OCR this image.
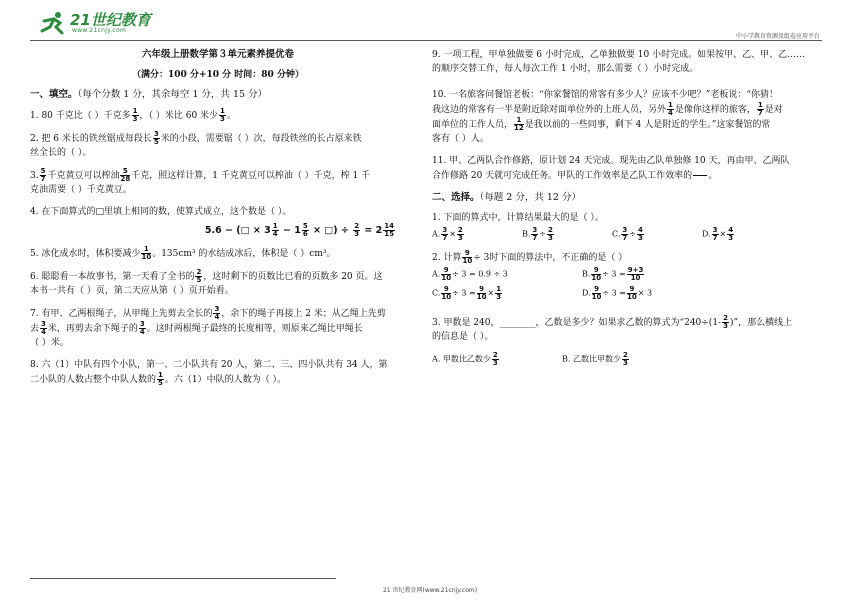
21世纪教育
www.21cnjy.com
中小学教育资源及组卷应用平台

六年级上册数学第３单元素养提优卷

（满分：100 分+10 分 时间：80 分钟）

一、填空。（每个分数 1 分，其余每空 1 分，共 15 分）

1. 80 千克比（ ）千克多 $\frac{1}{3}$ ，（ ）米比 60 米少 $\frac{1}{3}$ 。

2. 把 6 米长的铁丝锯成每段长 $\frac{3}{5}$ 米的小段，需要锯（ ）次，每段铁丝的长占原来铁
丝全长的（ ）。

3. $\frac{5}{7}$ 千克黄豆可以榨油 $\frac{5}{28}$ 千克，照这样计算，1 千克黄豆可以榨油（ ）千克，榨 1 千
克油需要（ ）千克黄豆。

4. 在下面算式的□里填上相同的数，使算式成立，这个数是（ ）。

5.6 − (□ × $3 \frac{1}{4} - 1 \frac{5}{6}$ × □) ÷ $\frac{2}{3} = 2 \frac{14}{15}$

5. 冰化成水时，体积要减少 $\frac{1}{10}$ 。135cm³ 的水结成冰后，体积是（ ）cm³。

6. 聪聪看一本故事书，第一天看了全书的 $\frac{2}{5}$ ，这时剩下的页数比已看的页数多 20 页。这
本书一共有（ ）页，第二天应从第（ ）页开始看。

7. 有甲、乙两根绳子，从甲绳上先剪去全长的 $\frac{3}{4}$ ，余下的绳子再接上 2 米；从乙绳上先剪
去 $\frac{3}{4}$ 米，再剪去余下绳子的 $\frac{3}{4}$ 。这时两根绳子最终的长度相等，则原来乙绳比甲绳长
（ ）米。

8. 六（1）中队有四个小队，第一、二小队共有 20 人，第二、三、四小队共有 34 人，第
二小队的人数占整个中队人数的 $\frac{1}{5}$ 。六（1）中队的人数为（ ）。

9. 一项工程，甲单独做要 6 小时完成，乙单独做要 10 小时完成。如果按甲、乙、甲、乙……
的顺序交替工作，每人每次工作 1 小时，那么需要（ ）小时完成。

10. 一名旅客问餐馆老板：“你家餐馆的常客有多少人？应该不少吧？”老板说：“你猜！
我这边的常客有一半是附近除对面单位外的上班人员，另外 $\frac{1}{4}$ 是像你这样的旅客， $\frac{1}{7}$ 是对
面单位的工作人员， $\frac{1}{12}$ 是我以前的一些同事，剩下 4 人是附近的学生。”这家餐馆的常
客有（ ）人。

11. 甲、乙两队合作修路，原计划 24 天完成。现先由乙队单独修 10 天，再由甲、乙两队
合作修路 20 天就可完成任务。甲队的工作效率是乙队工作效率的

。

二、选择。（每题 2 分，共 12 分）

1. 下面的算式中，计算结果最大的是（ ）。

A. $\frac{3}{7} \times \frac{2}{3}$	B. $\frac{3}{7} \div \frac{2}{3}$	C. $\frac{3}{7} \div \frac{4}{3}$	D. $\frac{3}{7} \times \frac{4}{3}$

2. 计算 $\frac{9}{10} \div 3$时下面的算法中，不正确的是（ ）

A. $\frac{9}{10} \div 3 = 0.9 \div 3$	B. $\frac{9}{10} \div 3 = \frac{9+3}{10}$
C. $\frac{9}{10} \div 3 = \frac{9}{10} \times \frac{1}{3}$	D. $\frac{9}{10} \div 3 = \frac{9}{10} \times 3$

3. 甲数是 240，________，乙数是多少？如果求乙数的算式为“$240\div(1- \frac{2}{3}$ )”，那么横线上
的信息是（ ）。

A. 甲数比乙数少 $\frac{2}{3}$	B. 乙数比甲数少 $\frac{2}{3}$
21 世纪教育网(www.21cnjy.com)
